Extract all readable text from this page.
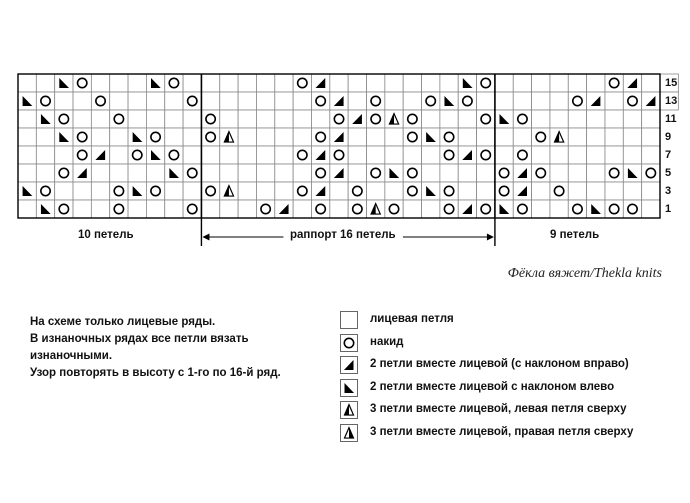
15
13
11
9
7
5
3
1
10 петель	раппорт 16 петель	9 петель
Фёкла вяжет/Thekla knits
На схеме только лицевые ряды.
В изнаночных рядах все петли вязать
изнаночными.
Узор повторять в высоту с 1-го по 16-й ряд.
лицевая петля
накид
2 петли вместе лицевой (с наклоном вправо)
2 петли вместе лицевой с наклоном влево
3 петли вместе лицевой, левая петля сверху
3 петли вместе лицевой, правая петля сверху
